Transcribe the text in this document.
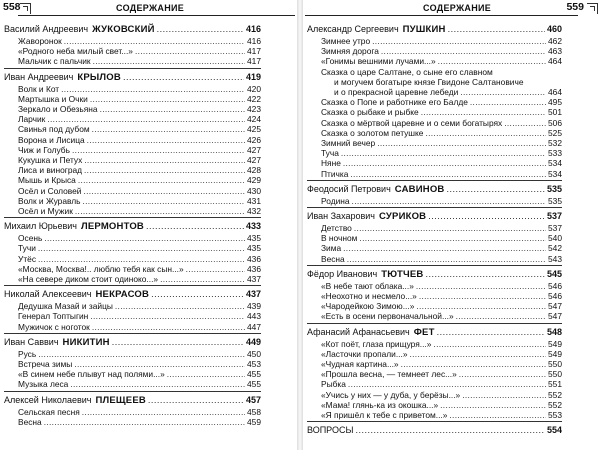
558	СОДЕРЖАНИЕ
Василий Андреевич ЖУКОВСКИЙ . . .	416
Жаворонок . . .	416
«Родного неба милый свет...» . . .	417
Мальчик с пальчик . . .	417
Иван Андреевич КРЫЛОВ . . .	419
Волк и Кот . . .	420
Мартышка и Очки . . .	422
Зеркало и Обезьяна . . .	423
Ларчик . . .	424
Свинья под дубом . . .	425
Ворона и Лисица . . .	426
Чиж и Голубь . . .	427
Кукушка и Петух . . .	427
Лиса и виноград . . .	428
Мышь и Крыса . . .	429
Осёл и Соловей . . .	430
Волк и Журавль . . .	431
Осёл и Мужик . . .	432
Михаил Юрьевич ЛЕРМОНТОВ . . .	433
Осень . . .	435
Тучи . . .	435
Утёс . . .	436
«Москва, Москва!.. люблю тебя как сын...» . . .	436
«На севере диком стоит одиноко...» . . .	437
Николай Алексеевич НЕКРАСОВ . . .	437
Дедушка Мазай и зайцы . . .	439
Генерал Топтыгин . . .	443
Мужичок с ноготок . . .	447
Иван Саввич НИКИТИН . . .	449
Русь . . .	450
Встреча зимы . . .	453
«В синем небе плывут над полями...» . . .	455
Музыка леса . . .	455
Алексей Николаевич ПЛЕЩЕЕВ . . .	457
Сельская песня . . .	458
Весна . . .	459
СОДЕРЖАНИЕ	559
Александр Сергеевич ПУШКИН . . .	460
Зимнее утро . . .	462
Зимняя дорога . . .	463
«Гонимы вешними лучами...» . . .	464
Сказка о царе Салтане, о сыне его славном
и могучем богатыре князе Гвидоне Салтановиче
и о прекрасной царевне лебеди . . .	464
Сказка о Попе и работнике его Балде . . .	495
Сказка о рыбаке и рыбке . . .	501
Сказка о мёртвой царевне и о семи богатырях . . .	506
Сказка о золотом петушке . . .	525
Зимний вечер . . .	532
Туча . . .	533
Няне . . .	534
Птичка . . .	534
Феодосий Петрович САВИНОВ . . .	535
Родина . . .	535
Иван Захарович СУРИКОВ . . .	537
Детство . . .	537
В ночном . . .	540
Зима . . .	542
Весна . . .	543
Фёдор Иванович ТЮТЧЕВ . . .	545
«В небе тают облака...» . . .	546
«Неохотно и несмело...» . . .	546
«Чародейкою Зимою...» . . .	547
«Есть в осени первоначальной...» . . .	547
Афанасий Афанасьевич ФЕТ . . .	548
«Кот поёт, глаза прищуря...» . . .	549
«Ласточки пропали...» . . .	549
«Чудная картина...» . . .	550
«Прошла весна, — темнеет лес...» . . .	550
Рыбка . . .	551
«Учись у них — у дуба, у берёзы...» . . .	552
«Мама! глянь-ка из окошка...» . . .	552
«Я пришёл к тебе с приветом...» . . .	553
ВОПРОСЫ . . .	554
